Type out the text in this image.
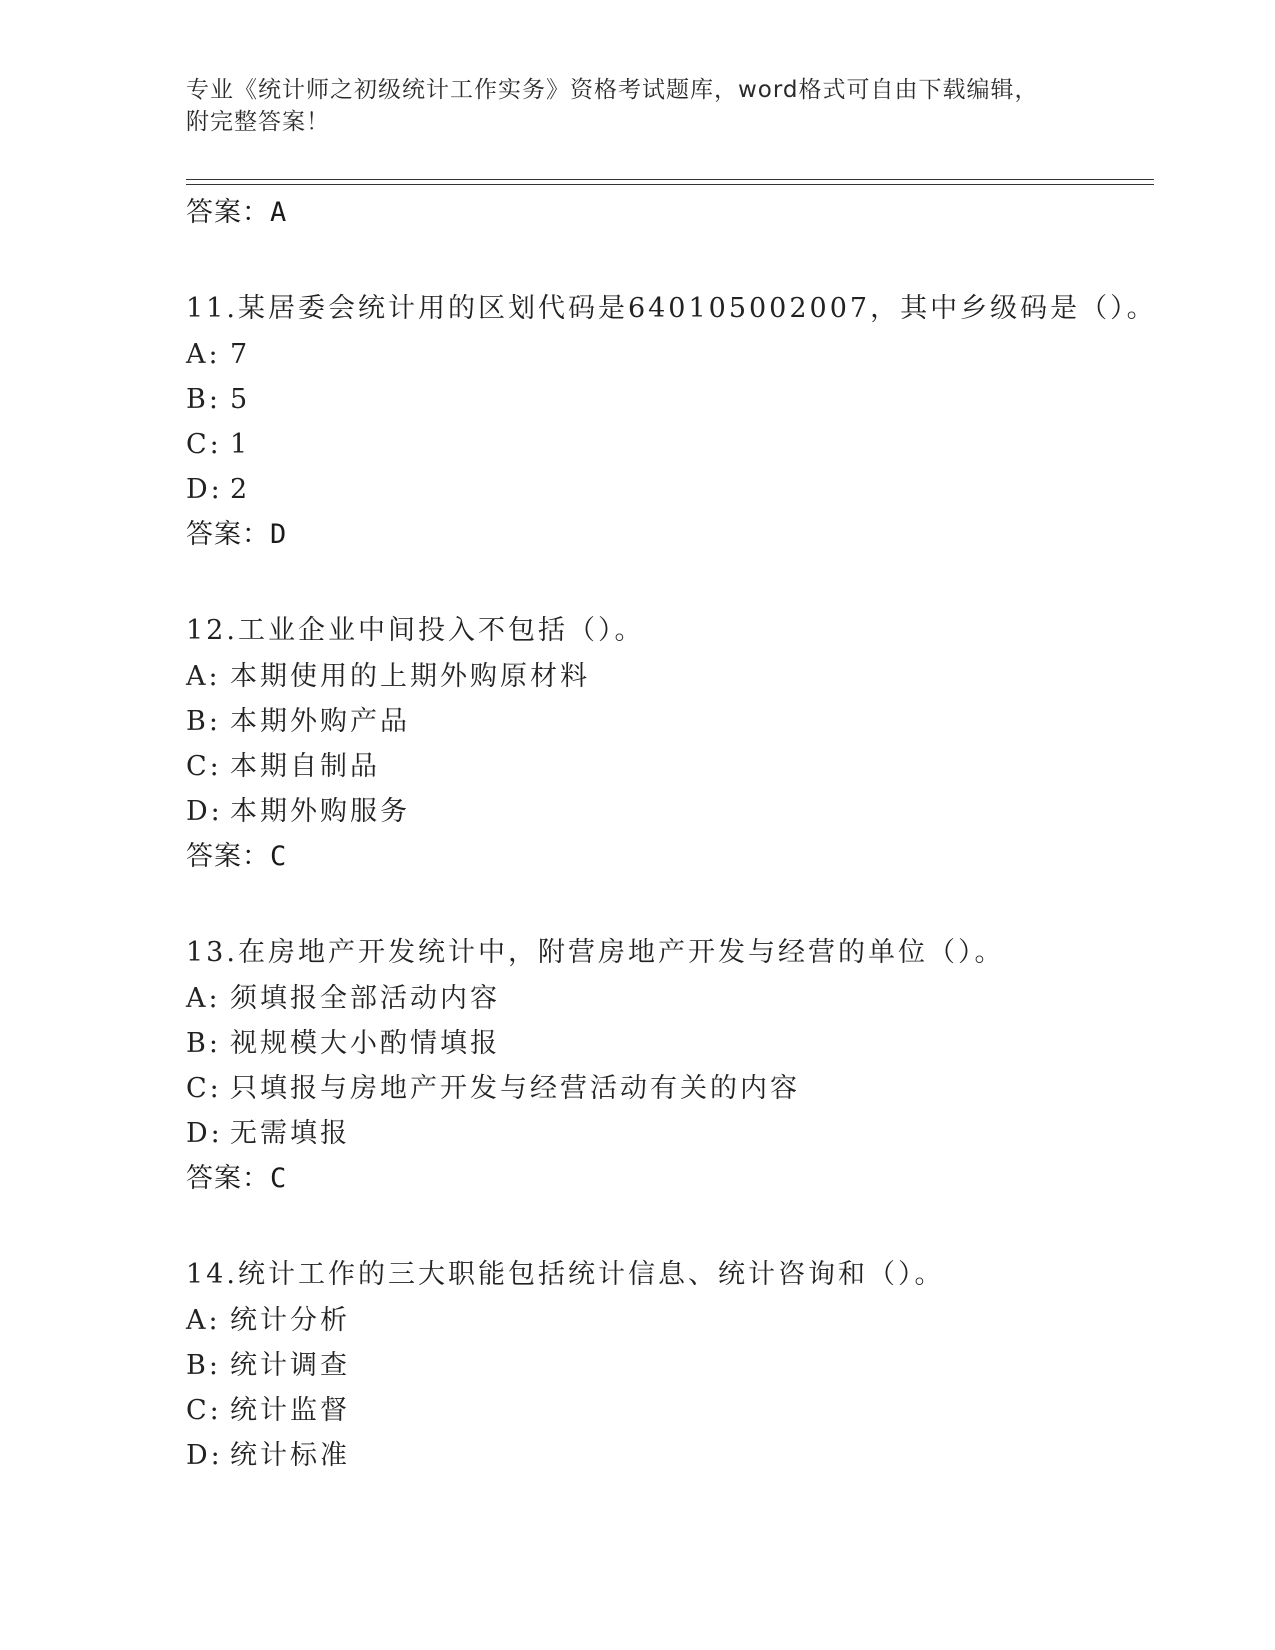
专业《统计师之初级统计工作实务》资格考试题库，word格式可自由下载编辑，
附完整答案！
答案：A
11.某居委会统计用的区划代码是640105002007，其中乡级码是（）。
A: 7
B: 5
C: 1
D: 2
答案：D
12.工业企业中间投入不包括（）。
A: 本期使用的上期外购原材料
B: 本期外购产品
C: 本期自制品
D: 本期外购服务
答案：C
13.在房地产开发统计中，附营房地产开发与经营的单位（）。
A: 须填报全部活动内容
B: 视规模大小酌情填报
C: 只填报与房地产开发与经营活动有关的内容
D: 无需填报
答案：C
14.统计工作的三大职能包括统计信息、统计咨询和（）。
A: 统计分析
B: 统计调查
C: 统计监督
D: 统计标准
